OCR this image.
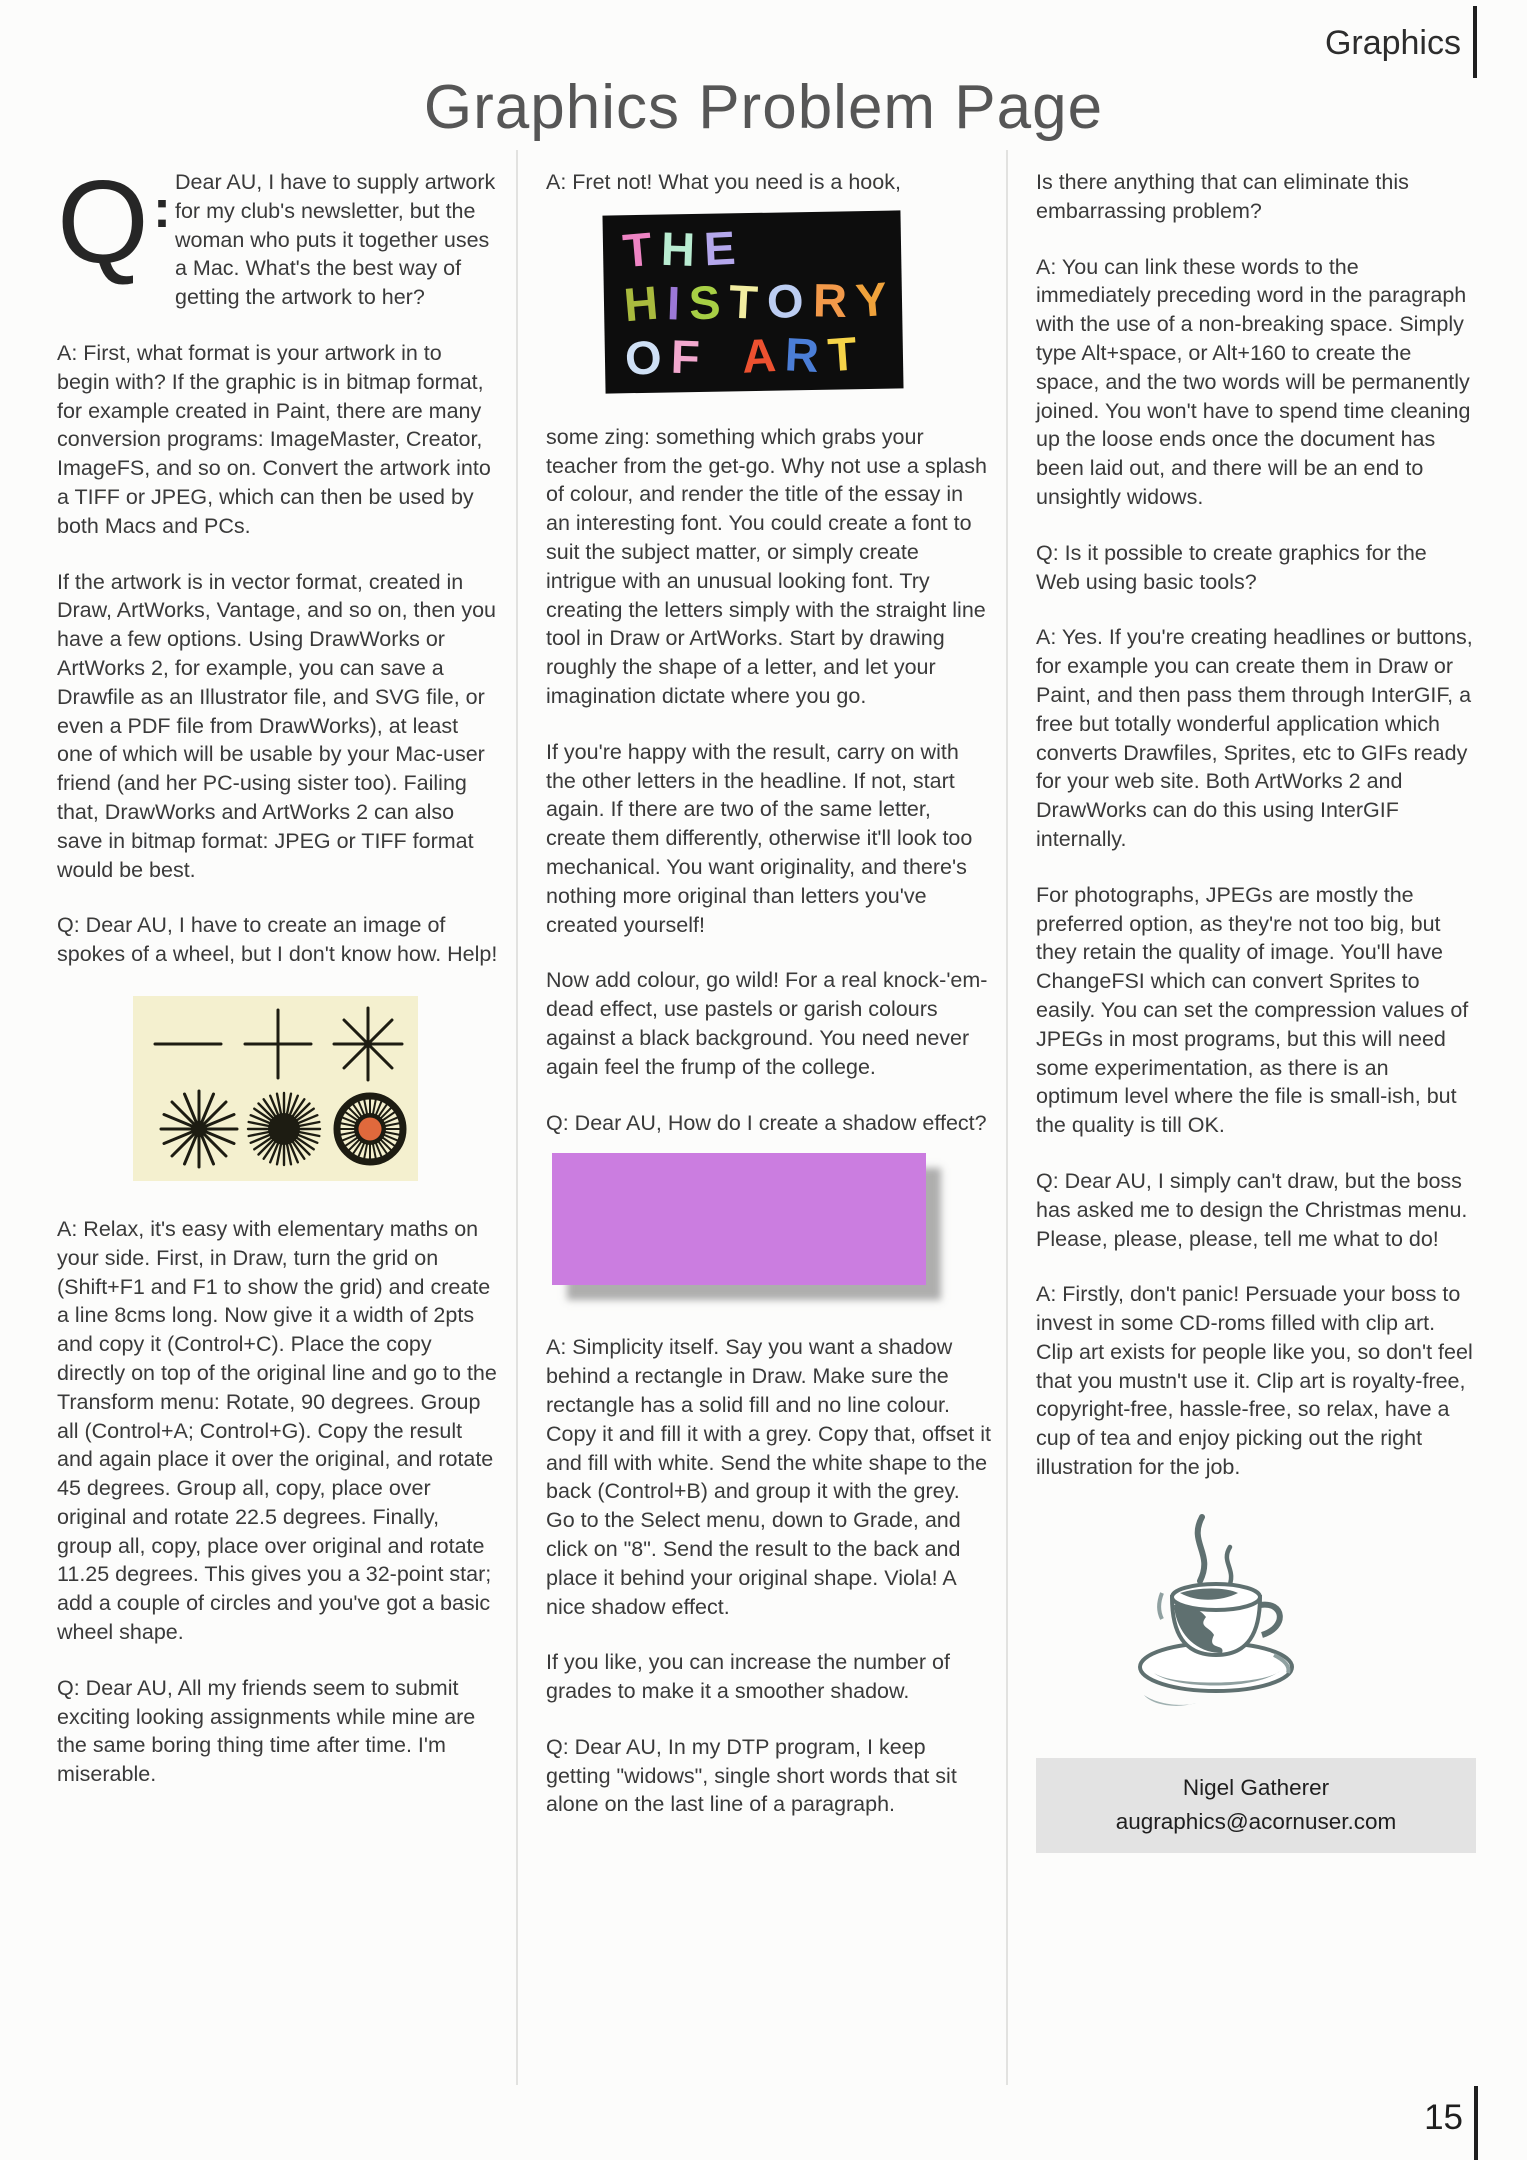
Graphics
Graphics Problem Page
Q : Dear AU, I have to supply artwork for my club's newsletter, but the woman who puts it together uses a Mac. What's the best way of getting the artwork to her?

A: First, what format is your artwork in to begin with? If the graphic is in bitmap format, for example created in Paint, there are many conversion programs: ImageMaster, Creator, ImageFS, and so on. Convert the artwork into a TIFF or JPEG, which can then be used by both Macs and PCs.

If the artwork is in vector format, created in Draw, ArtWorks, Vantage, and so on, then you have a few options. Using DrawWorks or ArtWorks 2, for example, you can save a Drawfile as an Illustrator file, and SVG file, or even a PDF file from DrawWorks), at least one of which will be usable by your Mac-user friend (and her PC-using sister too). Failing that, DrawWorks and ArtWorks 2 can also save in bitmap format: JPEG or TIFF format would be best.

Q: Dear AU, I have to create an image of spokes of a wheel, but I don't know how. Help!

A: Relax, it's easy with elementary maths on your side. First, in Draw, turn the grid on (Shift+F1 and F1 to show the grid) and create a line 8cms long. Now give it a width of 2pts and copy it (Control+C). Place the copy directly on top of the original line and go to the Transform menu: Rotate, 90 degrees. Group all (Control+A; Control+G). Copy the result and again place it over the original, and rotate 45 degrees. Group all, copy, place over original and rotate 22.5 degrees. Finally, group all, copy, place over original and rotate 11.25 degrees. This gives you a 32-point star; add a couple of circles and you've got a basic wheel shape.

Q: Dear AU, All my friends seem to submit exciting looking assignments while mine are the same boring thing time after time. I'm miserable.

A: Fret not! What you need is a hook,

T H E
H I S T O R Y
O F A R T

some zing: something which grabs your teacher from the get-go. Why not use a splash of colour, and render the title of the essay in an interesting font. You could create a font to suit the subject matter, or simply create intrigue with an unusual looking font. Try creating the letters simply with the straight line tool in Draw or ArtWorks. Start by drawing roughly the shape of a letter, and let your imagination dictate where you go.

If you're happy with the result, carry on with the other letters in the headline. If not, start again. If there are two of the same letter, create them differently, otherwise it'll look too mechanical. You want originality, and there's nothing more original than letters you've created yourself!

Now add colour, go wild! For a real knock-'em-dead effect, use pastels or garish colours against a black background. You need never again feel the frump of the college.

Q: Dear AU, How do I create a shadow effect?

A: Simplicity itself. Say you want a shadow behind a rectangle in Draw. Make sure the rectangle has a solid fill and no line colour. Copy it and fill it with a grey. Copy that, offset it and fill with white. Send the white shape to the back (Control+B) and group it with the grey. Go to the Select menu, down to Grade, and click on "8". Send the result to the back and place it behind your original shape. Viola! A nice shadow effect.

If you like, you can increase the number of grades to make it a smoother shadow.

Q: Dear AU, In my DTP program, I keep getting "widows", single short words that sit alone on the last line of a paragraph.

Is there anything that can eliminate this embarrassing problem?

A: You can link these words to the immediately preceding word in the paragraph with the use of a non-breaking space. Simply type Alt+space, or Alt+160 to create the space, and the two words will be permanently joined. You won't have to spend time cleaning up the loose ends once the document has been laid out, and there will be an end to unsightly widows.

Q: Is it possible to create graphics for the Web using basic tools?

A: Yes. If you're creating headlines or buttons, for example you can create them in Draw or Paint, and then pass them through InterGIF, a free but totally wonderful application which converts Drawfiles, Sprites, etc to GIFs ready for your web site. Both ArtWorks 2 and DrawWorks can do this using InterGIF internally.

For photographs, JPEGs are mostly the preferred option, as they're not too big, but they retain the quality of image. You'll have ChangeFSI which can convert Sprites to easily. You can set the compression values of JPEGs in most programs, but this will need some experimentation, as there is an optimum level where the file is small-ish, but the quality is till OK.

Q: Dear AU, I simply can't draw, but the boss has asked me to design the Christmas menu. Please, please, please, tell me what to do!

A: Firstly, don't panic! Persuade your boss to invest in some CD-roms filled with clip art. Clip art exists for people like you, so don't feel that you mustn't use it. Clip art is royalty-free, copyright-free, hassle-free, so relax, have a cup of tea and enjoy picking out the right illustration for the job.

Nigel Gatherer
augraphics@acornuser.com
15
